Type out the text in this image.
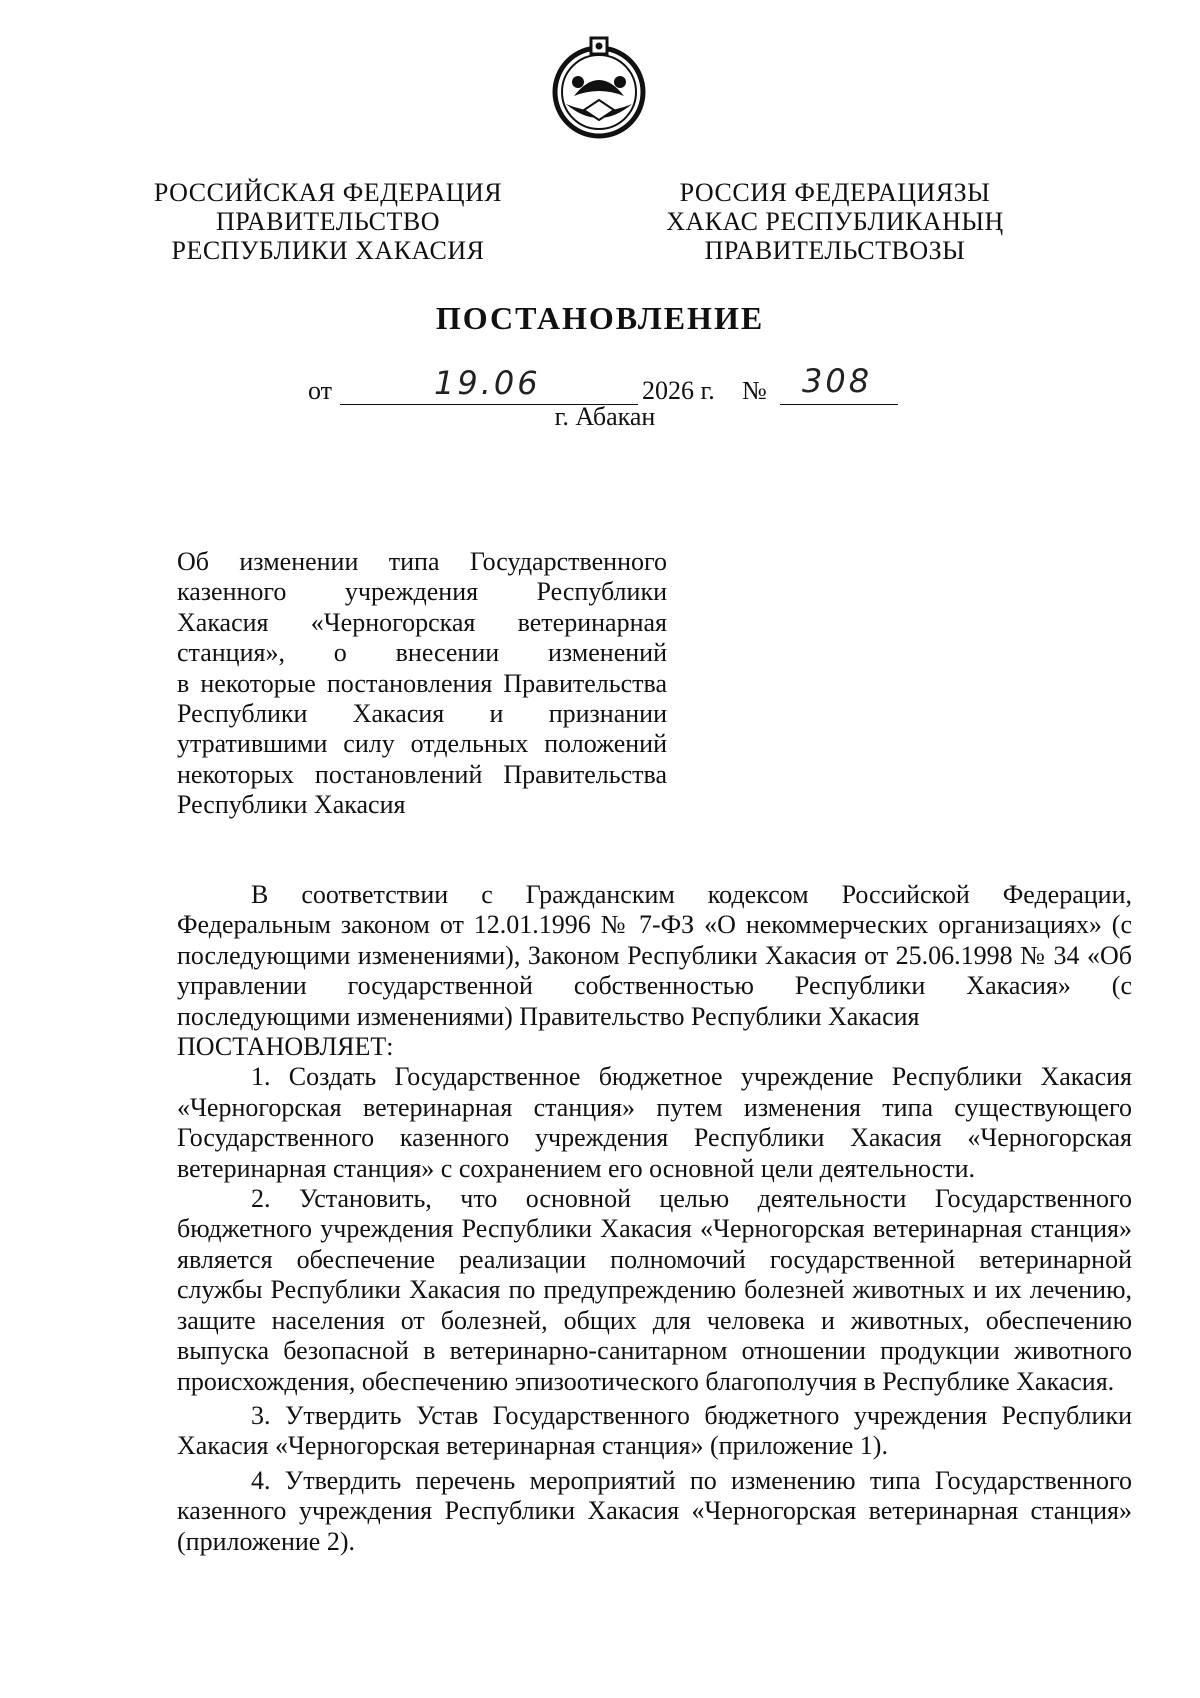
РОССИЙСКАЯ ФЕДЕРАЦИЯ
ПРАВИТЕЛЬСТВО
РЕСПУБЛИКИ ХАКАСИЯ
РОССИЯ ФЕДЕРАЦИЯЗЫ
ХАКАС РЕСПУБЛИКАНЫҢ
ПРАВИТЕЛЬСТВОЗЫ
ПОСТАНОВЛЕНИЕ
от	19.06	2026 г. № 308
г. Абакан
Об изменении типа Государственного
казенного учреждения Республики
Хакасия «Черногорская ветеринарная
станция», о внесении изменений
в некоторые постановления Правительства
Республики Хакасия и признании
утратившими силу отдельных положений
некоторых постановлений Правительства
Республики Хакасия

В соответствии с Гражданским кодексом Российской Федерации, Федеральным законом от 12.01.1996 № 7-ФЗ «О некоммерческих организациях» (с последующими изменениями), Законом Республики Хакасия от 25.06.1998 № 34 «Об управлении государственной собственностью Республики Хакасия» (с последующими изменениями) Правительство Республики Хакасия

ПОСТАНОВЛЯЕТ:

1. Создать Государственное бюджетное учреждение Республики Хакасия «Черногорская ветеринарная станция» путем изменения типа существующего Государственного казенного учреждения Республики Хакасия «Черногорская ветеринарная станция» с сохранением его основной цели деятельности.

2. Установить, что основной целью деятельности Государственного бюджетного учреждения Республики Хакасия «Черногорская ветеринарная станция» является обеспечение реализации полномочий государственной ветеринарной службы Республики Хакасия по предупреждению болезней животных и их лечению, защите населения от болезней, общих для человека и животных, обеспечению выпуска безопасной в ветеринарно-санитарном отношении продукции животного происхождения, обеспечению эпизоотического благополучия в Республике Хакасия.

3. Утвердить Устав Государственного бюджетного учреждения Республики Хакасия «Черногорская ветеринарная станция» (приложение 1).

4. Утвердить перечень мероприятий по изменению типа Государственного казенного учреждения Республики Хакасия «Черногорская ветеринарная станция» (приложение 2).
